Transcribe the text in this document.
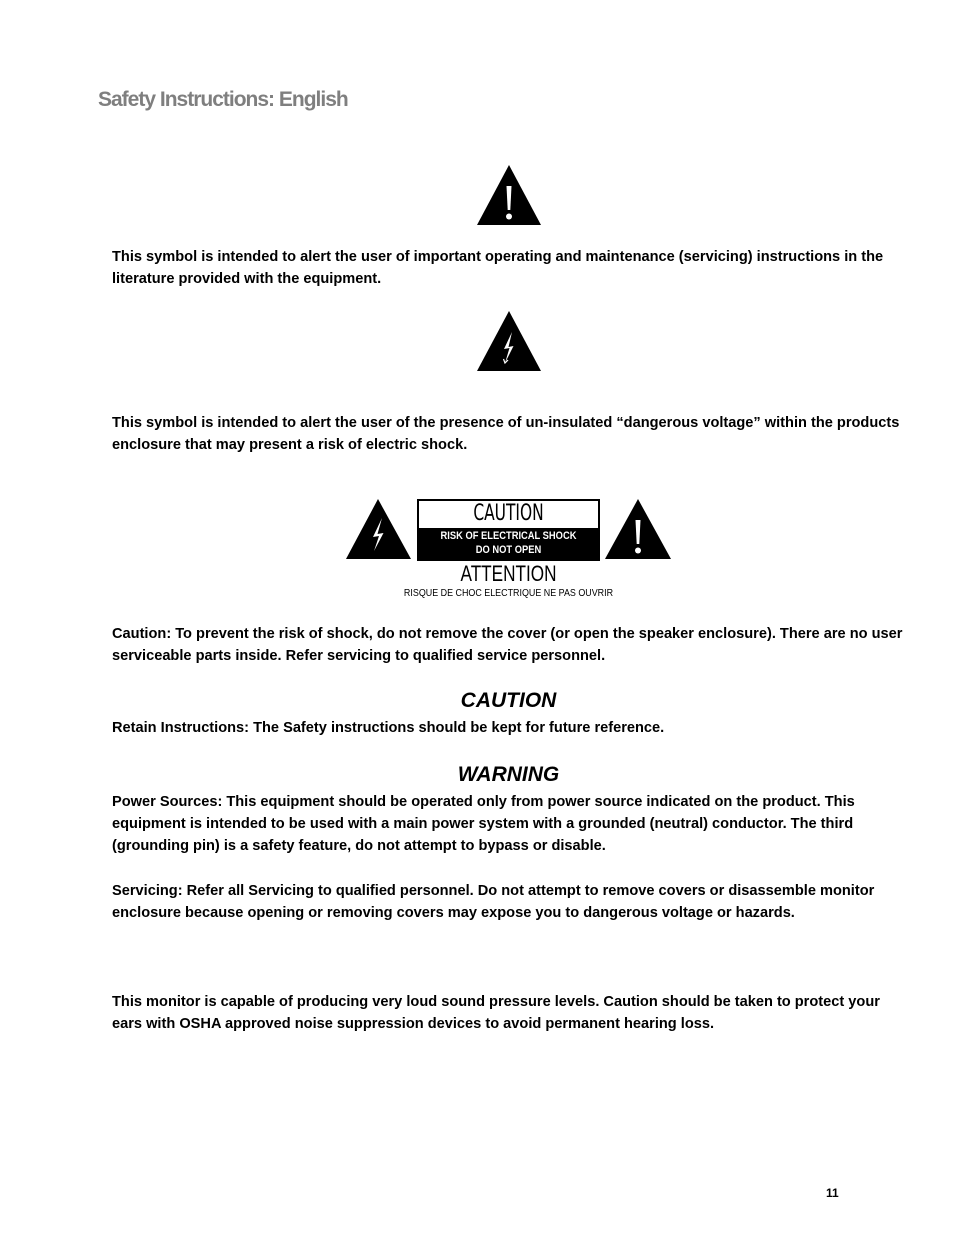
Safety Instructions: English
This symbol is intended to alert the user of important operating and maintenance (servicing) instructions in the literature provided with the equipment.
This symbol is intended to alert the user of the presence of un-insulated “dangerous voltage” within the products enclosure that may present a risk of electric shock.
CAUTION
RISK OF ELECTRICAL SHOCK
DO NOT OPEN
ATTENTION
RISQUE DE CHOC ELECTRIQUE NE PAS OUVRIR
Caution: To prevent the risk of shock, do not remove the cover (or open the speaker enclosure). There are no user serviceable parts inside. Refer servicing to qualified service personnel.
CAUTION
Retain Instructions: The Safety instructions should be kept for future reference.
WARNING
Power Sources: This equipment should be operated only from power source indicated on the product. This equipment is intended to be used with a main power system with a grounded (neutral) conductor. The third (grounding pin) is a safety feature, do not attempt to bypass or disable.
Servicing: Refer all Servicing to qualified personnel. Do not attempt to remove covers or disassemble monitor enclosure because opening or removing covers may expose you to dangerous voltage or hazards.
This monitor is capable of producing very loud sound pressure levels. Caution should be taken to protect your ears with OSHA approved noise suppression devices to avoid permanent hearing loss.
11
